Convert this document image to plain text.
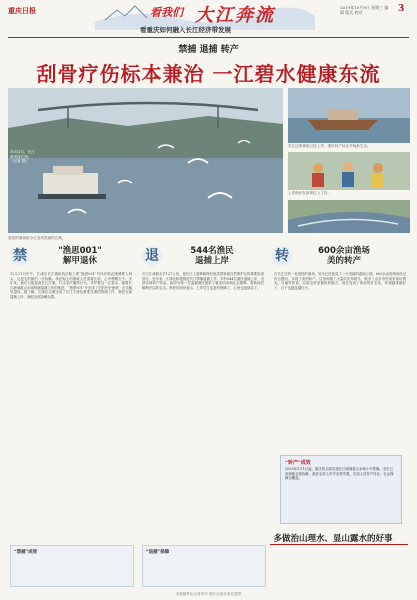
重庆日报	看我们 大江奔流
看重庆如何融入长江经济带发展
2019年10月9日 星期三 编辑 版式 校对	3
禁捕 退捕 转产
刮骨疗伤标本兼治 一江碧水健康东流
10月2日，长江重庆段江面。（记者 摄）
长江边的渔船已经上岸，渔民转产转业开始新生活。
上岸渔民在新岗位上工作。
曾经的渔场如今已变成美丽的江滩。
禁	"渔思001"
解甲退休	退	544名渔民
退捕上岸	转	600余亩渔场
美的转产
12月21日中午，江津区长江渔政执法船上的“渔思001”号执法船正缓缓驶入码头，这是它的最后一次执勤。执法船上的渔政人员望着江面，心中感慨万千。多年来，他们日夜巡查长江江面，打击非法捕捞行为，守护着这一江碧水。随着长江流域重点水域禁捕退捕工作的推进，“渔思001”号完成了它的历史使命，正式解甲退休。据了解，江津区全面完成了长江干流及重要支流的禁捕工作，渔民全部退捕上岸，渔船全部拆解处置。
“禁捕”成效
长江江津段全长127公里，是长江上游珍稀特有鱼类国家级自然保护区的重要组成部分。近年来，江津区积极推进长江禁捕退捕工作，共有544名渔民退捕上岸，全部实现转产转业。政府为每一位退捕渔民提供了就业培训和社会保障，帮助他们顺利开启新生活。渔民们纷纷表示，上岸后生活更有保障了，心里也更踏实了。
“退捕”保障
在长江边的一处曾经的渔场，如今已经变成了一片美丽的湿地公园。600余亩的渔场经过综合整治，实现了美的转产。这里种植了大量的花草树木，吸引了众多市民前来游玩观光。当地村民说，以前这里是捕鱼的地方，现在变成了休闲的好去处，环境越来越好了，日子也越过越红火。
“转产”成效
2020年1月1日起，重庆将全面实施长江流域重点水域十年禁捕。全市已有渔船全部拆解，渔民全部上岸并妥善安置，实现人员转产转业、社会保障全覆盖。
多做治山理水、显山露水的好事
本版稿件由记者采写 图片由受访单位提供
